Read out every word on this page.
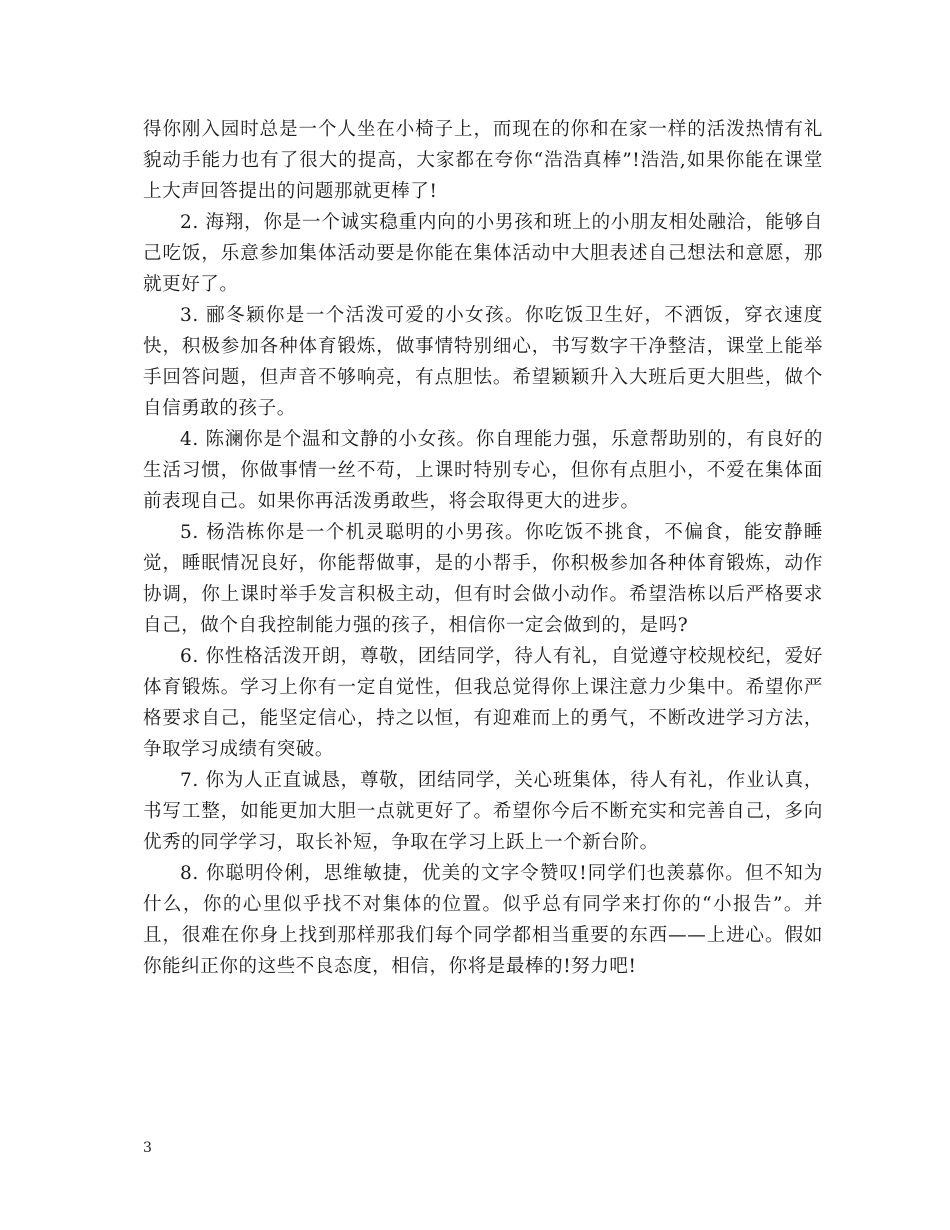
得你刚入园时总是一个人坐在小椅子上，而现在的你和在家一样的活泼热情有礼貌动手能力也有了很大的提高，大家都在夸你“浩浩真棒”!浩浩,如果你能在课堂上大声回答提出的问题那就更棒了!

2. 海翔，你是一个诚实稳重内向的小男孩和班上的小朋友相处融洽，能够自己吃饭，乐意参加集体活动要是你能在集体活动中大胆表述自己想法和意愿，那就更好了。

3. 郦冬颖你是一个活泼可爱的小女孩。你吃饭卫生好，不洒饭，穿衣速度快，积极参加各种体育锻炼，做事情特别细心，书写数字干净整洁，课堂上能举手回答问题，但声音不够响亮，有点胆怯。希望颖颖升入大班后更大胆些，做个自信勇敢的孩子。

4. 陈澜你是个温和文静的小女孩。你自理能力强，乐意帮助别的，有良好的生活习惯，你做事情一丝不苟，上课时特别专心，但你有点胆小，不爱在集体面前表现自己。如果你再活泼勇敢些，将会取得更大的进步。

5. 杨浩栋你是一个机灵聪明的小男孩。你吃饭不挑食，不偏食，能安静睡觉，睡眠情况良好，你能帮做事，是的小帮手，你积极参加各种体育锻炼，动作协调，你上课时举手发言积极主动，但有时会做小动作。希望浩栋以后严格要求自己，做个自我控制能力强的孩子，相信你一定会做到的，是吗?

6. 你性格活泼开朗，尊敬，团结同学，待人有礼，自觉遵守校规校纪，爱好体育锻炼。学习上你有一定自觉性，但我总觉得你上课注意力少集中。希望你严格要求自己，能坚定信心，持之以恒，有迎难而上的勇气，不断改进学习方法，争取学习成绩有突破。

7. 你为人正直诚恳，尊敬，团结同学，关心班集体，待人有礼，作业认真，书写工整，如能更加大胆一点就更好了。希望你今后不断充实和完善自己，多向优秀的同学学习，取长补短，争取在学习上跃上一个新台阶。

8. 你聪明伶俐，思维敏捷，优美的文字令赞叹!同学们也羡慕你。但不知为什么，你的心里似乎找不对集体的位置。似乎总有同学来打你的“小报告”。并且，很难在你身上找到那样那我们每个同学都相当重要的东西——上进心。假如你能纠正你的这些不良态度，相信，你将是最棒的!努力吧!

3
